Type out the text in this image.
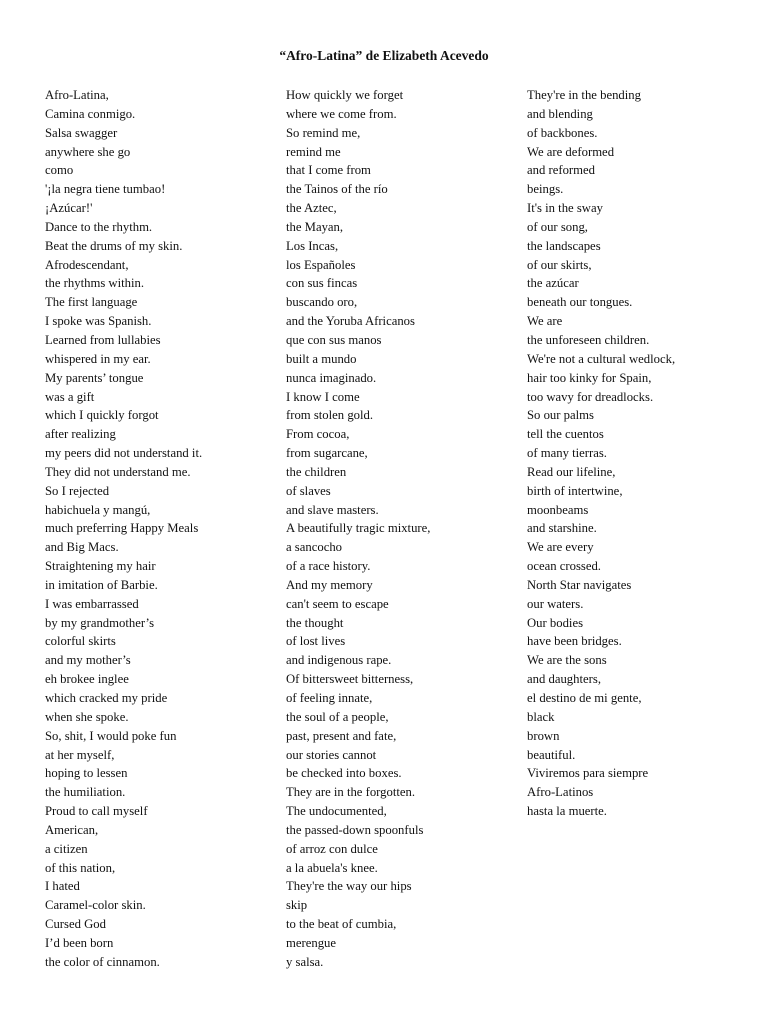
“Afro-Latina” de Elizabeth Acevedo
Afro-Latina,
Camina conmigo.
Salsa swagger
anywhere she go
como
'¡la negra tiene tumbao!
¡Azúcar!'
Dance to the rhythm.
Beat the drums of my skin.
Afrodescendant,
the rhythms within.
The first language
I spoke was Spanish.
Learned from lullabies
whispered in my ear.
My parents’ tongue
was a gift
which I quickly forgot
after realizing
my peers did not understand it.
They did not understand me.
So I rejected
habichuela y mangú,
much preferring Happy Meals
and Big Macs.
Straightening my hair
in imitation of Barbie.
I was embarrassed
by my grandmother’s
colorful skirts
and my mother’s
eh brokee inglee
which cracked my pride
when she spoke.
So, shit, I would poke fun
at her myself,
hoping to lessen
the humiliation.
Proud to call myself
American,
a citizen
of this nation,
I hated
Caramel-color skin.
Cursed God
I’d been born
the color of cinnamon.
How quickly we forget
where we come from.
So remind me,
remind me
that I come from
the Tainos of the río
the Aztec,
the Mayan,
Los Incas,
los Españoles
con sus fincas
buscando oro,
and the Yoruba Africanos
que con sus manos
built a mundo
nunca imaginado.
I know I come
from stolen gold.
From cocoa,
from sugarcane,
the children
of slaves
and slave masters.
A beautifully tragic mixture,
a sancocho
of a race history.
And my memory
can't seem to escape
the thought
of lost lives
and indigenous rape.
Of bittersweet bitterness,
of feeling innate,
the soul of a people,
past, present and fate,
our stories cannot
be checked into boxes.
They are in the forgotten.
The undocumented,
the passed-down spoonfuls
of arroz con dulce
a la abuela's knee.
They're the way our hips
skip
to the beat of cumbia,
merengue
y salsa.
They're in the bending
and blending
of backbones.
We are deformed
and reformed
beings.
It's in the sway
of our song,
the landscapes
of our skirts,
the azúcar
beneath our tongues.
We are
the unforeseen children.
We're not a cultural wedlock,
hair too kinky for Spain,
too wavy for dreadlocks.
So our palms
tell the cuentos
of many tierras.
Read our lifeline,
birth of intertwine,
moonbeams
and starshine.
We are every
ocean crossed.
North Star navigates
our waters.
Our bodies
have been bridges.
We are the sons
and daughters,
el destino de mi gente,
black
brown
beautiful.
Viviremos para siempre
Afro-Latinos
hasta la muerte.
